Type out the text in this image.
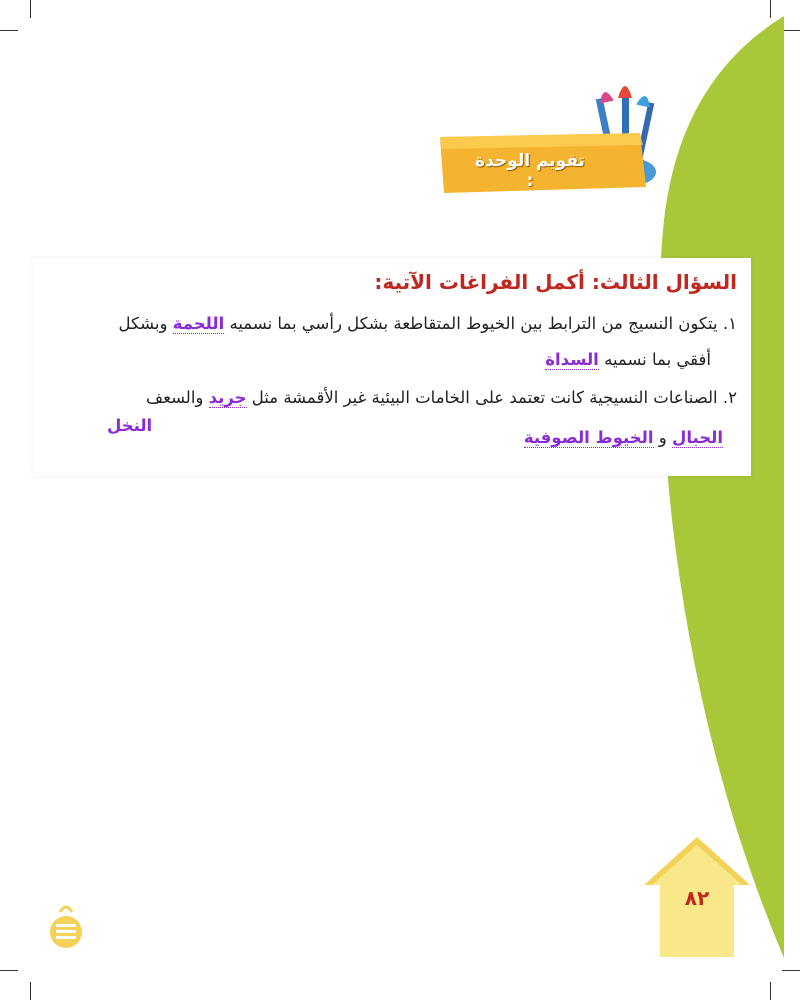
تقويم الوحدة :
السؤال الثالث: أكمل الفراغات الآتية:
١. يتكون النسيج من الترابط بين الخيوط المتقاطعة بشكل رأسي بما نسميه اللحمة وبشكل
أفقي بما نسميه السداة
٢. الصناعات النسيجية كانت تعتمد على الخامات البيئية غير الأقمشة مثل جريد والسعف
النخل
الحبال و الخيوط الصوفية
٨٢
